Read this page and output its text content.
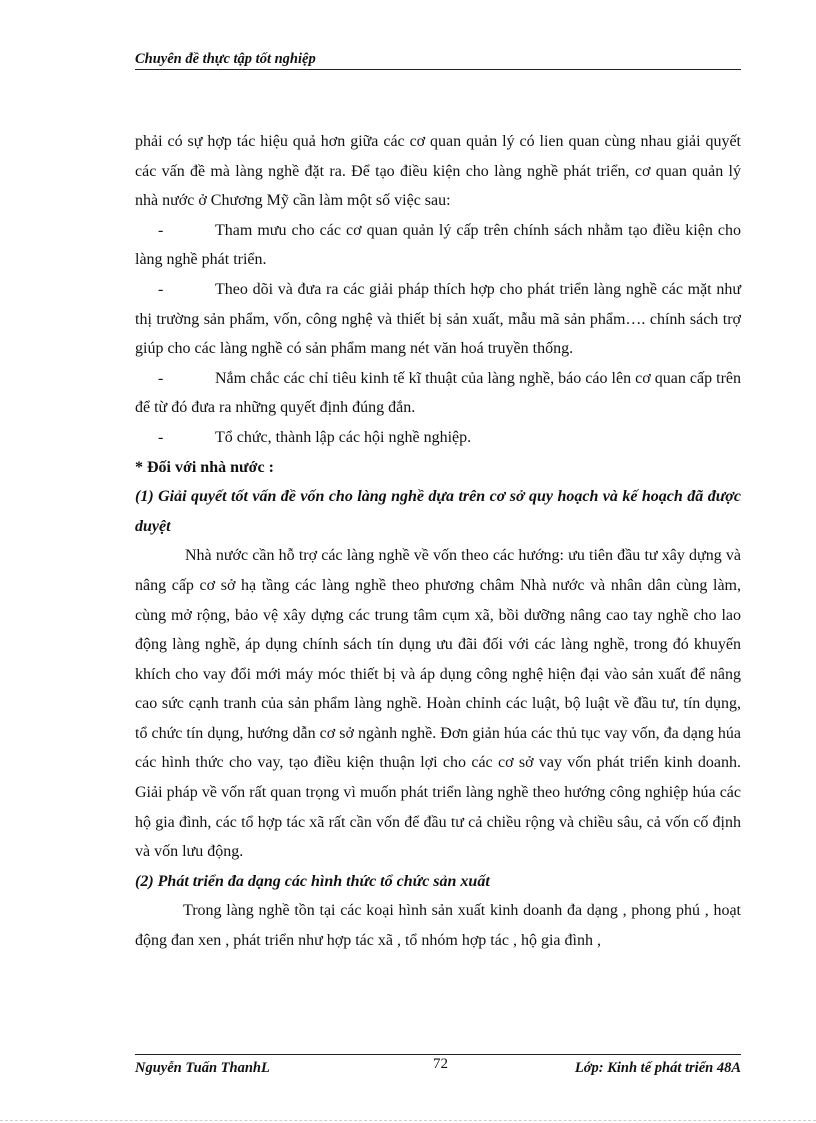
Chuyên đề thực tập tốt nghiệp

phải có sự hợp tác hiệu quả hơn giữa các cơ quan quản lý có lien quan cùng nhau giải quyết các vấn đề mà làng nghề đặt ra. Để tạo điều kiện cho làng nghề phát triển, cơ quan quản lý nhà nước ở Chương Mỹ cần làm một số việc sau:

-	Tham mưu cho các cơ quan quản lý cấp trên chính sách nhằm tạo điều kiện cho làng nghề phát triển.

-	Theo dõi và đưa ra các giải pháp thích hợp cho phát triển làng nghề các mặt như thị trường sản phẩm, vốn, công nghệ và thiết bị sản xuất, mẫu mã sản phẩm…. chính sách trợ giúp cho các làng nghề có sản phẩm mang nét văn hoá truyền thống.

-	Nắm chắc các chỉ tiêu kinh tế kĩ thuật của làng nghề, báo cáo lên cơ quan cấp trên để từ đó đưa ra những quyết định đúng đắn.

-	Tổ chức, thành lập các hội nghề nghiệp.

* Đối với nhà nước :

(1) Giải quyết tốt vấn đề vốn cho làng nghề dựa trên cơ sở quy hoạch và kế hoạch đã được duyệt

Nhà nước cần hỗ trợ các làng nghề về vốn theo các hướng: ưu tiên đầu tư xây dựng và nâng cấp cơ sở hạ tầng các làng nghề theo phương châm Nhà nước và nhân dân cùng làm, cùng mở rộng, bảo vệ xây dựng các trung tâm cụm xã, bồi dưỡng nâng cao tay nghề cho lao động làng nghề, áp dụng chính sách tín dụng ưu đãi đối với các làng nghề, trong đó khuyến khích cho vay đổi mới máy móc thiết bị và áp dụng công nghệ hiện đại vào sản xuất để nâng cao sức cạnh tranh của sản phẩm làng nghề. Hoàn chỉnh các luật, bộ luật về đầu tư, tín dụng, tổ chức tín dụng, hướng dẫn cơ sở ngành nghề. Đơn giản húa các thủ tục vay vốn, đa dạng húa các hình thức cho vay, tạo điều kiện thuận lợi cho các cơ sở vay vốn phát triển kinh doanh. Giải pháp về vốn rất quan trọng vì muốn phát triển làng nghề theo hướng công nghiệp húa các hộ gia đình, các tổ hợp tác xã rất cần vốn để đầu tư cả chiều rộng và chiều sâu, cả vốn cố định và vốn lưu động.

(2) Phát triển đa dạng các hình thức tổ chức sản xuất

Trong làng nghề tồn tại các koại hình sản xuất kinh doanh đa dạng , phong phú , hoạt động đan xen , phát triển như hợp tác xã , tổ nhóm hợp tác , hộ gia đình ,

Nguyễn Tuấn ThanhL	72	Lớp: Kinh tế phát triển 48A
